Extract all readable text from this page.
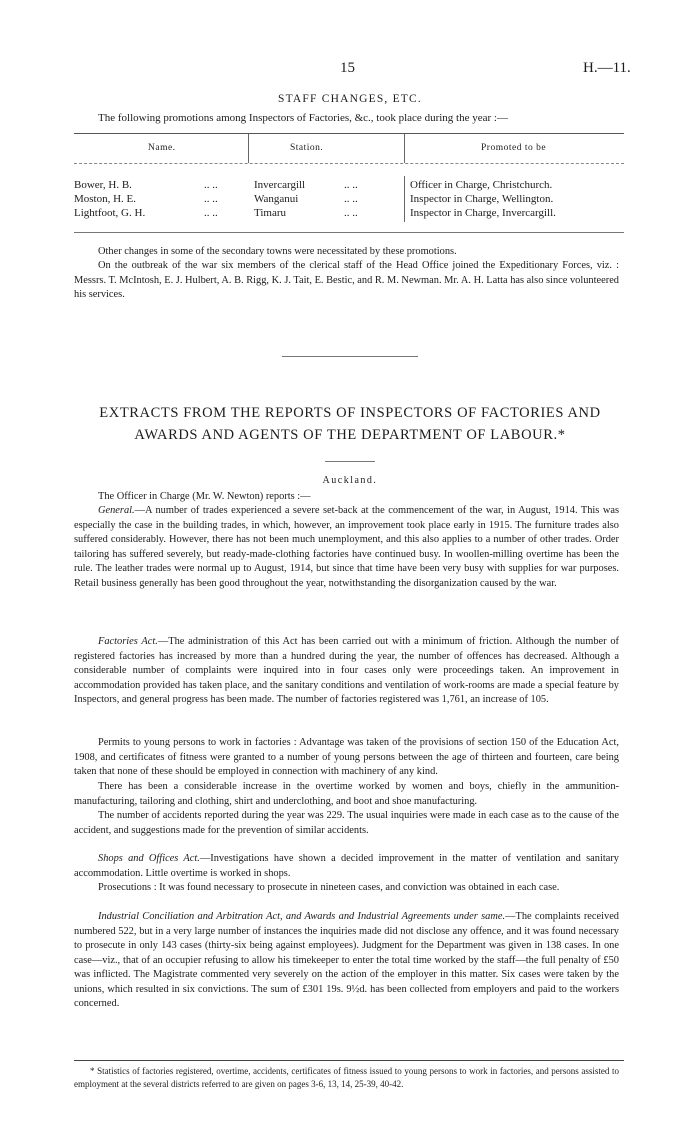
15	H.—11.
STAFF CHANGES, ETC.
The following promotions among Inspectors of Factories, &c., took place during the year :—
Name.	Station.	Promoted to be
Bower, H. B.	.. ..	Invercargill	.. ..	Officer in Charge, Christchurch.
Moston, H. E.	.. ..	Wanganui	.. ..	Inspector in Charge, Wellington.
Lightfoot, G. H.	.. ..	Timaru	.. ..	Inspector in Charge, Invercargill.

Other changes in some of the secondary towns were necessitated by these promotions.

On the outbreak of the war six members of the clerical staff of the Head Office joined the Expeditionary Forces, viz. : Messrs. T. McIntosh, E. J. Hulbert, A. B. Rigg, K. J. Tait, E. Bestic, and R. M. Newman. Mr. A. H. Latta has also since volunteered his services.

EXTRACTS FROM THE REPORTS OF INSPECTORS OF FACTORIES AND AWARDS AND AGENTS OF THE DEPARTMENT OF LABOUR.*
Auckland.

The Officer in Charge (Mr. W. Newton) reports :—

General.—A number of trades experienced a severe set-back at the commencement of the war, in August, 1914. This was especially the case in the building trades, in which, however, an improvement took place early in 1915. The furniture trades also suffered considerably. However, there has not been much unemployment, and this also applies to a number of other trades. Order tailoring has suffered severely, but ready-made-clothing factories have continued busy. In woollen-milling overtime has been the rule. The leather trades were normal up to August, 1914, but since that time have been very busy with supplies for war purposes. Retail business generally has been good throughout the year, notwithstanding the disorganization caused by the war.

Factories Act.—The administration of this Act has been carried out with a minimum of friction. Although the number of registered factories has increased by more than a hundred during the year, the number of offences has decreased. Although a considerable number of complaints were inquired into in four cases only were proceedings taken. An improvement in accommodation provided has taken place, and the sanitary conditions and ventilation of work-rooms are made a special feature by Inspectors, and general progress has been made. The number of factories registered was 1,761, an increase of 105.

Permits to young persons to work in factories : Advantage was taken of the provisions of section 150 of the Education Act, 1908, and certificates of fitness were granted to a number of young persons between the age of thirteen and fourteen, care being taken that none of these should be employed in connection with machinery of any kind.

There has been a considerable increase in the overtime worked by women and boys, chiefly in the ammunition-manufacturing, tailoring and clothing, shirt and underclothing, and boot and shoe manufacturing.

The number of accidents reported during the year was 229. The usual inquiries were made in each case as to the cause of the accident, and suggestions made for the prevention of similar accidents.

Shops and Offices Act.—Investigations have shown a decided improvement in the matter of ventilation and sanitary accommodation. Little overtime is worked in shops.

Prosecutions : It was found necessary to prosecute in nineteen cases, and conviction was obtained in each case.

Industrial Conciliation and Arbitration Act, and Awards and Industrial Agreements under same.—The complaints received numbered 522, but in a very large number of instances the inquiries made did not disclose any offence, and it was found necessary to prosecute in only 143 cases (thirty-six being against employees). Judgment for the Department was given in 138 cases. In one case—viz., that of an occupier refusing to allow his timekeeper to enter the total time worked by the staff—the full penalty of £50 was inflicted. The Magistrate commented very severely on the action of the employer in this matter. Six cases were taken by the unions, which resulted in six convictions. The sum of £301 19s. 9½d. has been collected from employers and paid to the workers concerned.

* Statistics of factories registered, overtime, accidents, certificates of fitness issued to young persons to work in factories, and persons assisted to employment at the several districts referred to are given on pages 3-6, 13, 14, 25-39, 40-42.
